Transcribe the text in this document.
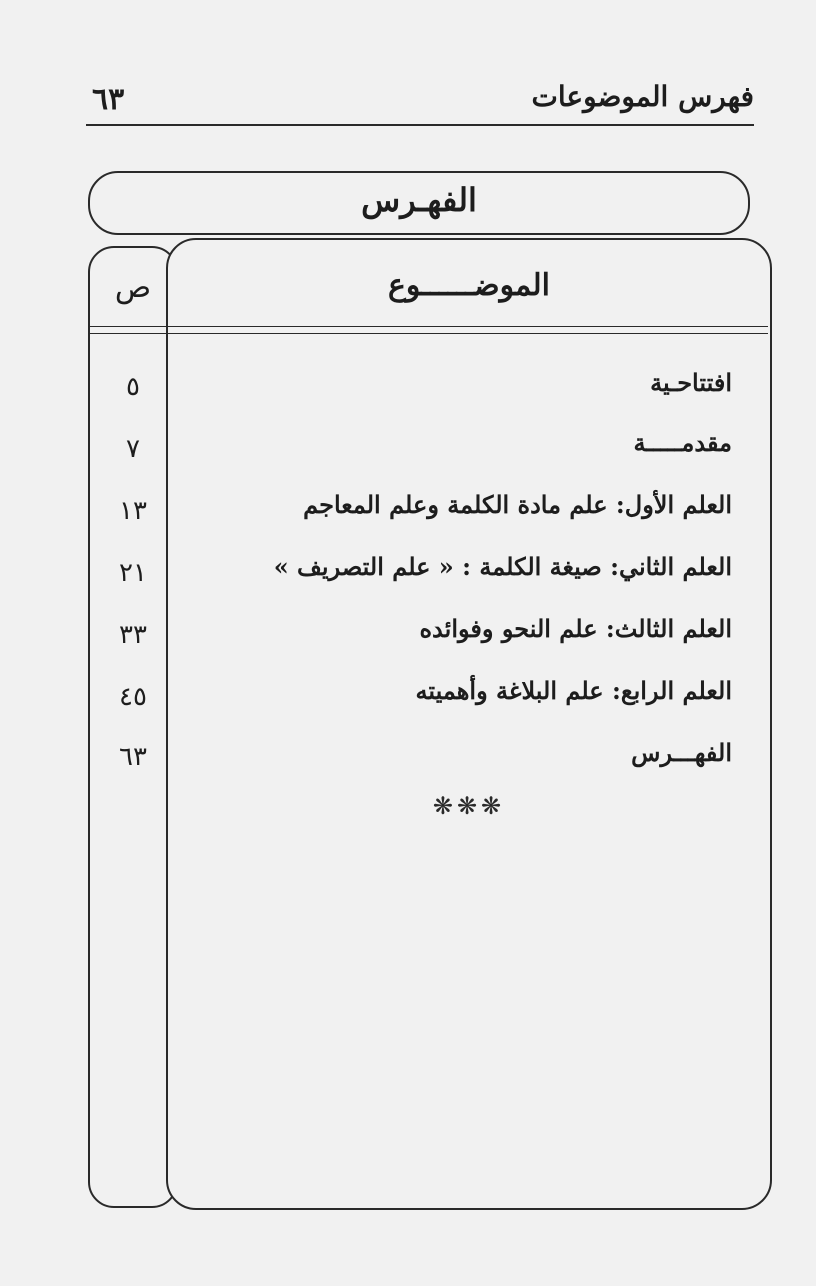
فهرس الموضوعات
٦٣
الفهـرس
ص	الموضــــــوع
افتتاحـية
٥
مقدمـــــة
٧
العلم الأول: علم مادة الكلمة وعلم المعاجم
١٣
العلم الثاني: صيغة الكلمة : « علم التصريف »
٢١
العلم الثالث: علم النحو وفوائده
٣٣
العلم الرابع: علم البلاغة وأهميته
٤٥
الفهـــرس
٦٣
❋❋❋
